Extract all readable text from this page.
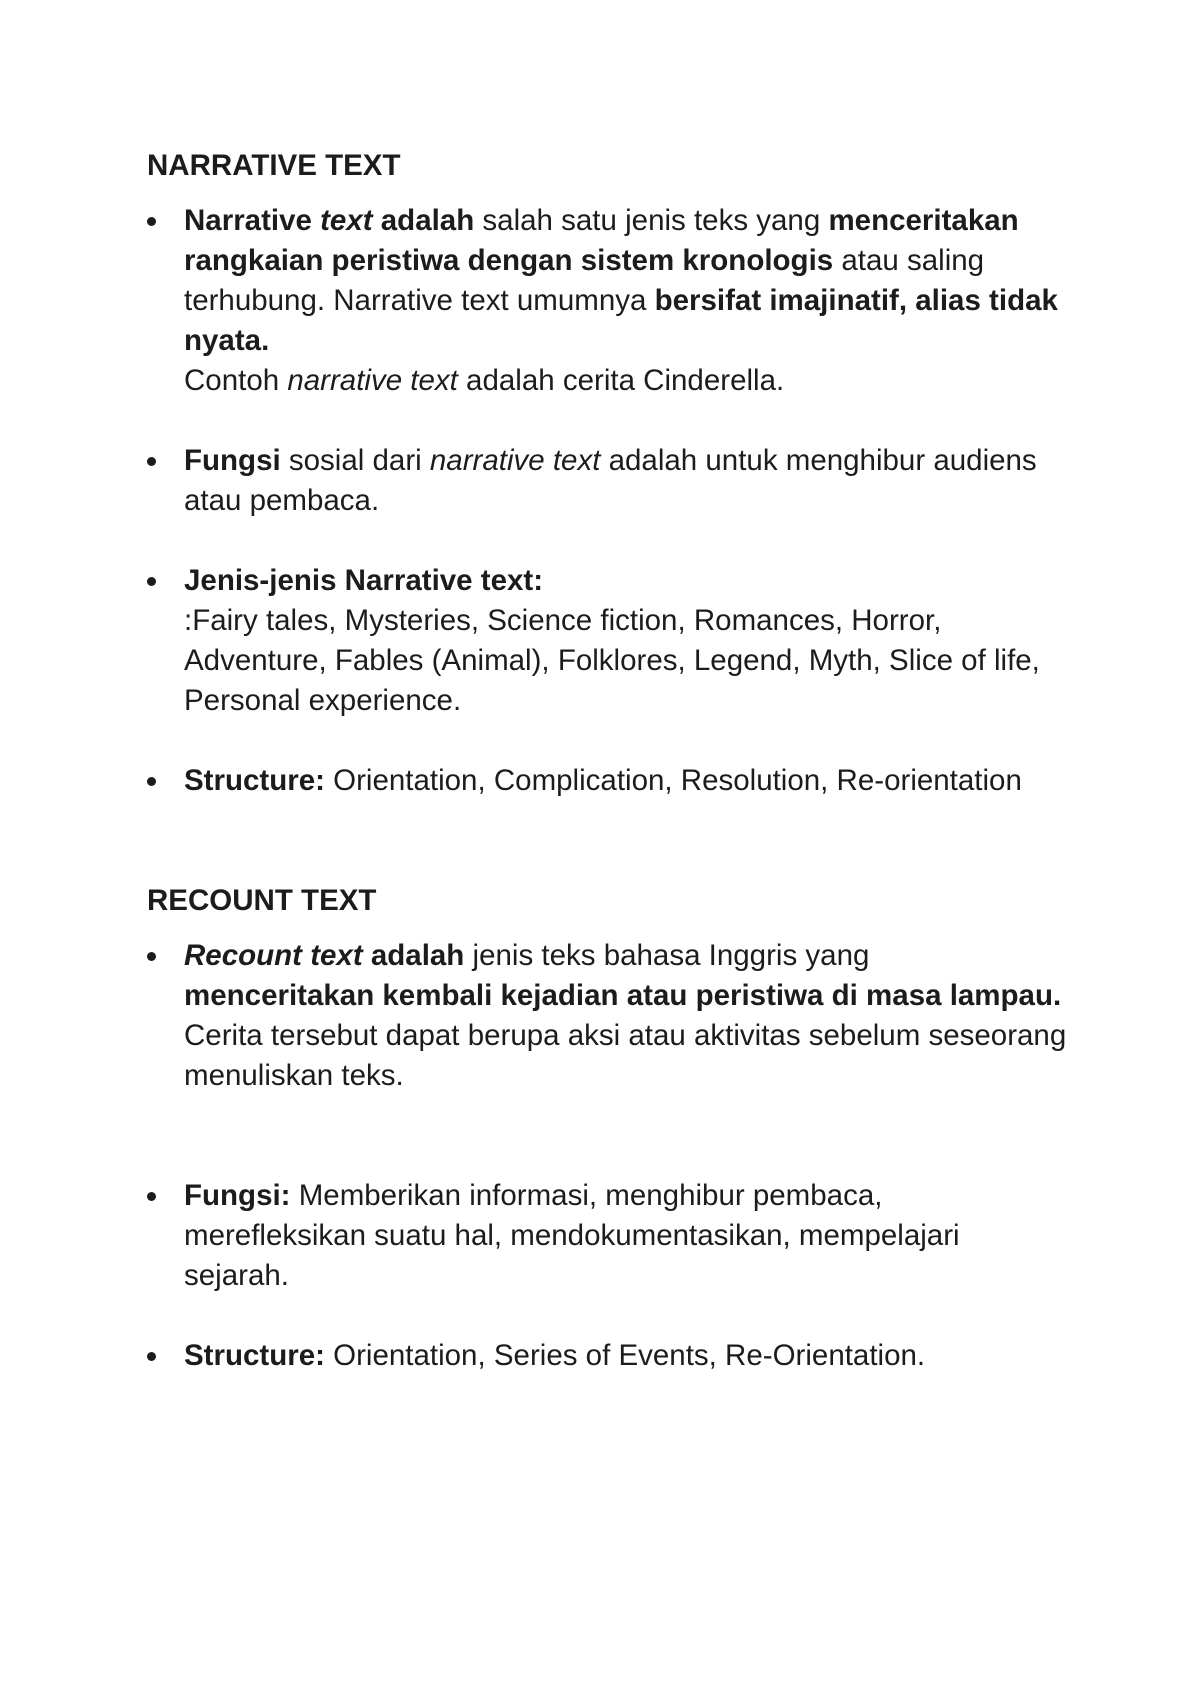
NARRATIVE TEXT
Narrative text adalah salah satu jenis teks yang menceritakan rangkaian peristiwa dengan sistem kronologis atau saling terhubung. Narrative text umumnya bersifat imajinatif, alias tidak nyata.
Contoh narrative text adalah cerita Cinderella.
Fungsi sosial dari narrative text adalah untuk menghibur audiens atau pembaca.
Jenis-jenis Narrative text:
:Fairy tales, Mysteries, Science fiction, Romances, Horror, Adventure, Fables (Animal), Folklores, Legend, Myth, Slice of life, Personal experience.
Structure: Orientation, Complication, Resolution, Re-orientation
RECOUNT TEXT
Recount text adalah jenis teks bahasa Inggris yang menceritakan kembali kejadian atau peristiwa di masa lampau. Cerita tersebut dapat berupa aksi atau aktivitas sebelum seseorang menuliskan teks.
Fungsi: Memberikan informasi, menghibur pembaca, merefleksikan suatu hal, mendokumentasikan, mempelajari sejarah.
Structure: Orientation, Series of Events, Re-Orientation.
